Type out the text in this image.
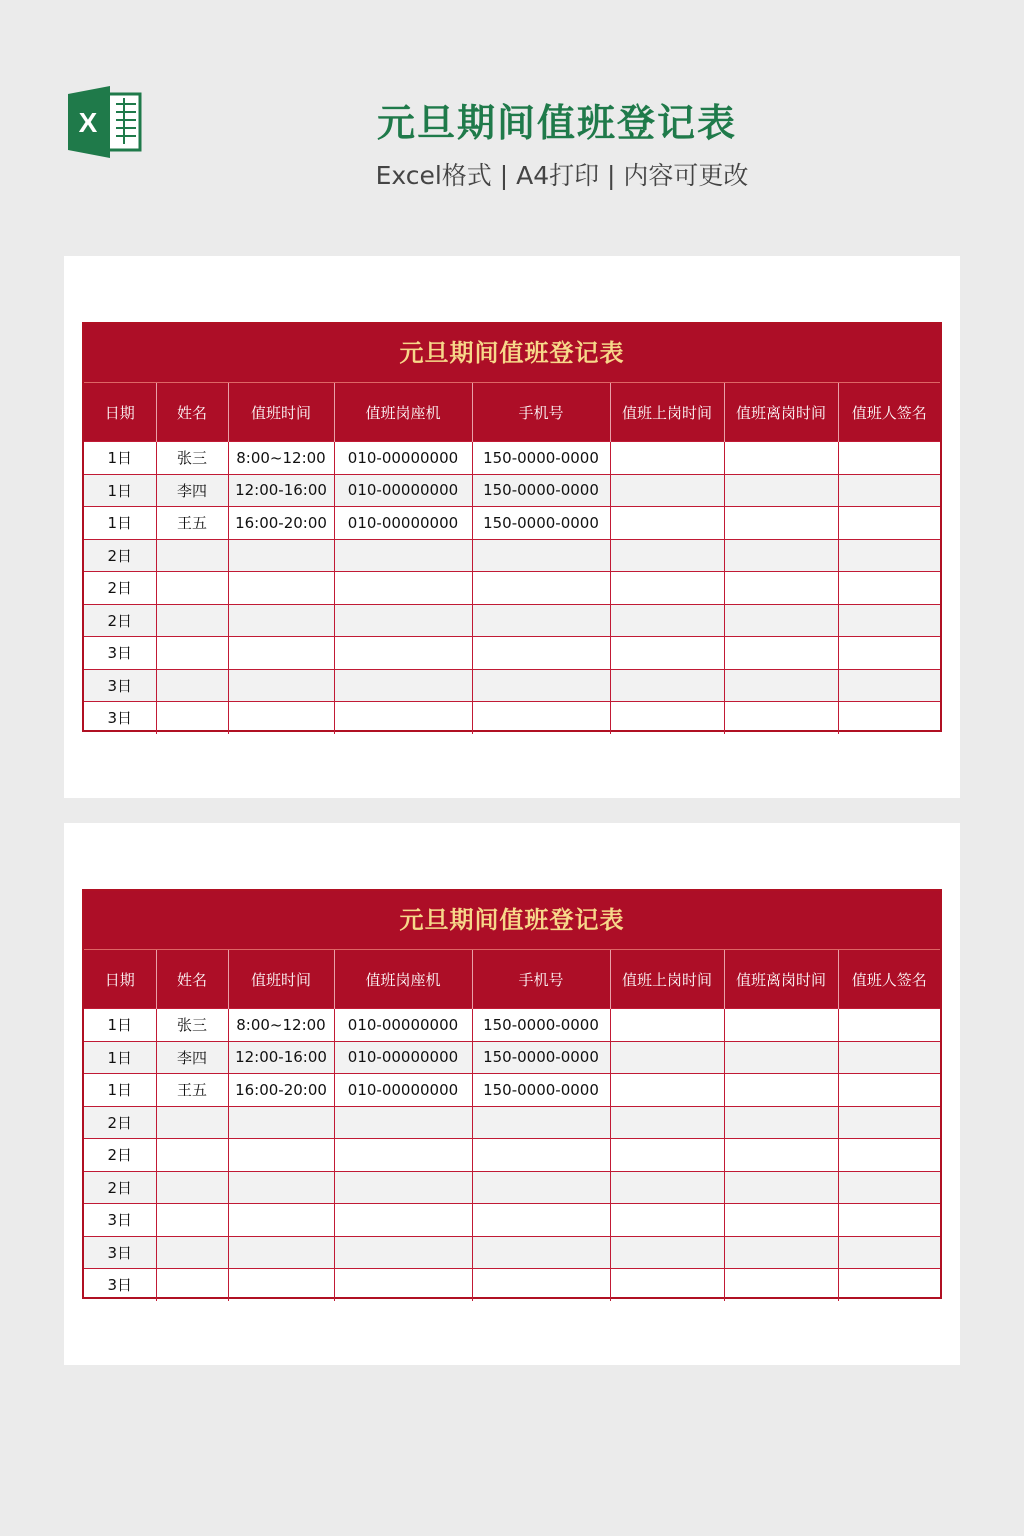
X	元旦期间值班登记表
Excel格式 | A4打印 | 内容可更改
元旦期间值班登记表
日期	姓名	值班时间	值班岗座机	手机号	值班上岗时间	值班离岗时间	值班人签名
1日	张三	8:00~12:00	010-00000000	150-0000-0000			
1日	李四	12:00-16:00	010-00000000	150-0000-0000			
1日	王五	16:00-20:00	010-00000000	150-0000-0000			
2日							
2日							
2日							
3日							
3日							
3日							
元旦期间值班登记表
日期	姓名	值班时间	值班岗座机	手机号	值班上岗时间	值班离岗时间	值班人签名
1日	张三	8:00~12:00	010-00000000	150-0000-0000			
1日	李四	12:00-16:00	010-00000000	150-0000-0000			
1日	王五	16:00-20:00	010-00000000	150-0000-0000			
2日							
2日							
2日							
3日							
3日							
3日							
